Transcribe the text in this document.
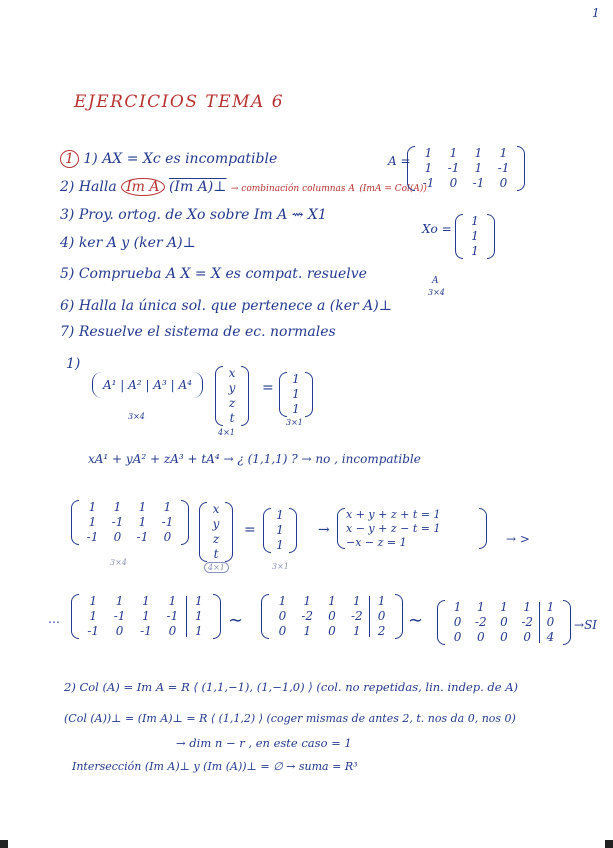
1
EJERCICIOS TEMA 6
1 1) AX = Xc es incompatible
2) Halla Im A (Im A)⊥ → combinación columnas A (ImA = Col(A))
3) Proy. ortog. de Xo sobre Im A ⇝ X1
4) ker A y (ker A)⊥
5) Comprueba A X = X es compat. resuelve
6) Halla la única sol. que pertenece a (ker A)⊥
7) Resuelve el sistema de ec. normales
A =
1	1	1	1
1	-1	1	-1
-1	0	-1	0
Xo =
1
1
1
A
3×4
1)
A¹ | A² | A³ | A⁴
3×4
x
y
z
t
4×1
=
1
1
1
3×1
xA¹ + yA² + zA³ + tA⁴ → ¿ (1,1,1) ? → no , incompatible
1	1	1	1
1	-1	1	-1
-1	0	-1	0
3×4
x
y
z
t
4×1
=
1
1
1
3×1
→
x + y + z + t = 1
x − y + z − t = 1
−x − z = 1	→ >
…
1	1	1	1	1
1	-1	1	-1	1
-1	0	-1	0	1	∼
1	1	1	1	1
0	-2	0	-2	0
0	1	0	1	2	∼
1	1	1	1	1
0	-2	0	-2	0
0	0	0	0	4
→SI
2) Col (A) = Im A = R ⟨ (1,1,−1), (1,−1,0) ⟩ (col. no repetidas, lin. indep. de A)
(Col (A))⊥ = (Im A)⊥ = R ⟨ (1,1,2) ⟩ (coger mismas de antes 2, t. nos da 0, nos 0)
→ dim n − r , en este caso = 1
Intersección (Im A)⊥ y (Im (A))⊥ = ∅ → suma = R³
